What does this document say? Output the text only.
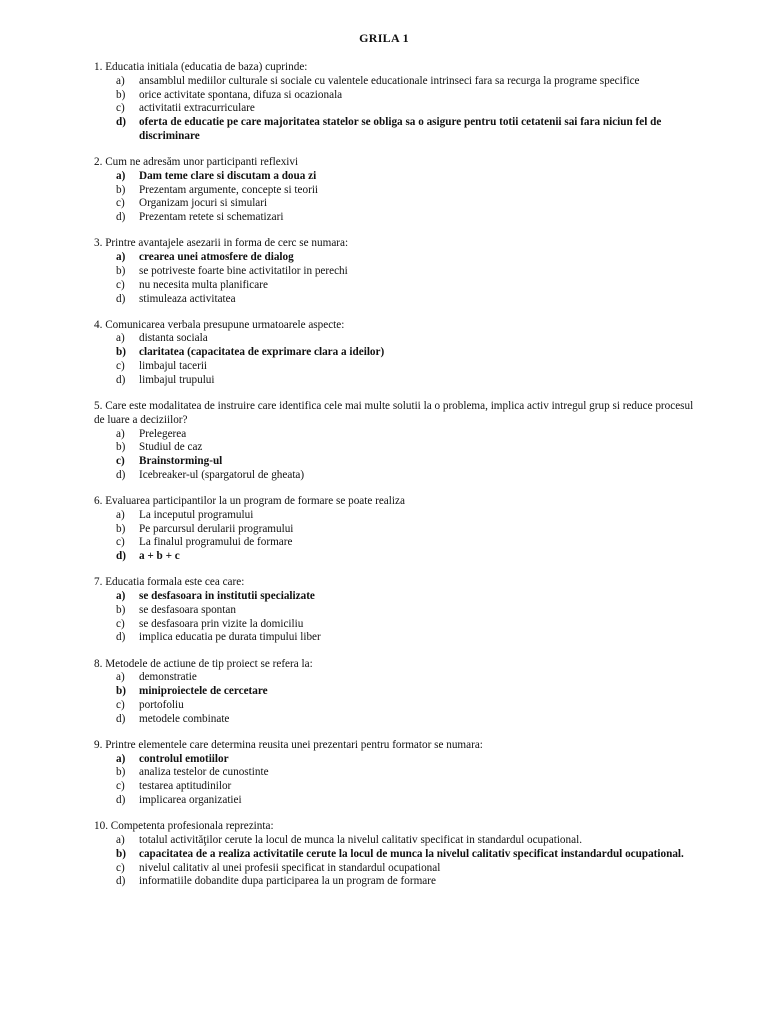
GRILA 1
1. Educatia initiala (educatia de baza) cuprinde:
a)	ansamblul mediilor culturale si sociale cu valentele educationale intrinseci fara sa recurga la programe specifice
b)	orice activitate spontana, difuza si ocazionala
c)	activitatii extracurriculare
d)	oferta de educatie pe care majoritatea statelor se obliga sa o asigure pentru totii cetatenii sai fara niciun fel de discriminare
2. Cum ne adresăm unor participanti reflexivi
a)	Dam teme clare si discutam a doua zi
b)	Prezentam argumente, concepte si teorii
c)	Organizam jocuri si simulari
d)	Prezentam retete si schematizari
3. Printre avantajele asezarii in forma de cerc se numara:
a)	crearea unei atmosfere de dialog
b)	se potriveste foarte bine activitatilor in perechi
c)	nu necesita multa planificare
d)	stimuleaza activitatea
4. Comunicarea verbala presupune urmatoarele aspecte:
a)	distanta sociala
b)	claritatea (capacitatea de exprimare clara a ideilor)
c)	limbajul tacerii
d)	limbajul trupului
5. Care este modalitatea de instruire care identifica cele mai multe solutii la o problema, implica activ intregul grup si reduce procesul de luare a deciziilor?
a)	Prelegerea
b)	Studiul de caz
c)	Brainstorming-ul
d)	Icebreaker-ul (spargatorul de gheata)
6. Evaluarea participantilor la un program de formare se poate realiza
a)	La inceputul programului
b)	Pe parcursul derularii programului
c)	La finalul programului de formare
d)	a + b + c
7. Educatia formala este cea care:
a)	se desfasoara in institutii specializate
b)	se desfasoara spontan
c)	se desfasoara prin vizite la domiciliu
d)	implica educatia pe durata timpului liber
8. Metodele de actiune de tip proiect se refera la:
a)	demonstratie
b)	miniproiectele de cercetare
c)	portofoliu
d)	metodele combinate
9. Printre elementele care determina reusita unei prezentari pentru formator se numara:
a)	controlul emotiilor
b)	analiza testelor de cunostinte
c)	testarea aptitudinilor
d)	implicarea organizatiei
10. Competenta profesionala reprezinta:
a)	totalul activităţilor cerute la locul de munca la nivelul calitativ specificat in standardul ocupational.
b)	capacitatea de a realiza activitatile cerute la locul de munca la nivelul calitativ specificat instandardul ocupational.
c)	nivelul calitativ al unei profesii specificat in standardul ocupational
d)	informatiile dobandite dupa participarea la un program de formare
